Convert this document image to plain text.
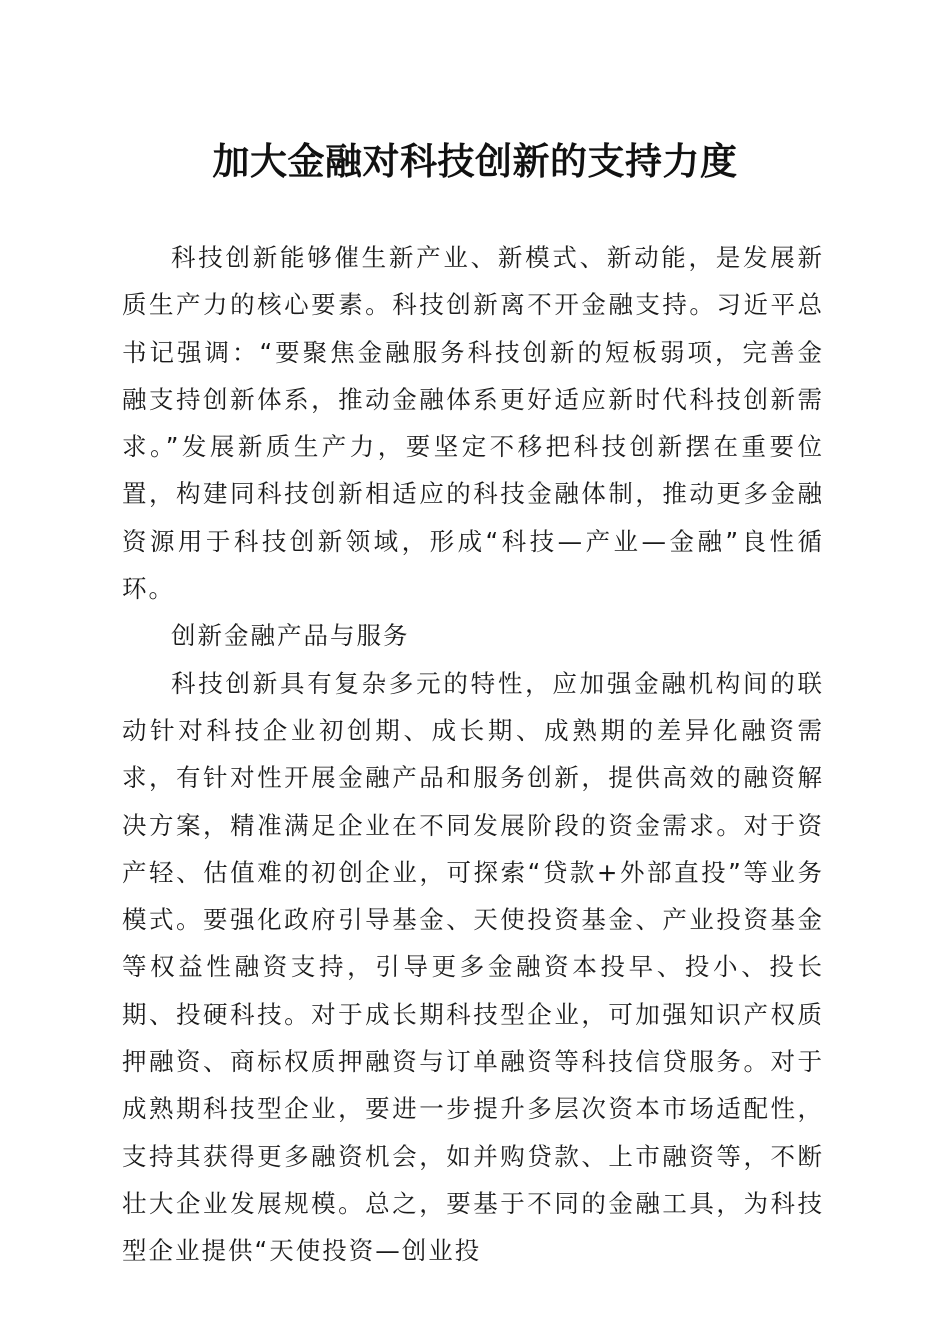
加大金融对科技创新的支持力度

科技创新能够催生新产业、新模式、新动能，是发展新质生产力的核心要素。科技创新离不开金融支持。习近平总书记强调：“要聚焦金融服务科技创新的短板弱项，完善金融支持创新体系，推动金融体系更好适应新时代科技创新需求。”发展新质生产力，要坚定不移把科技创新摆在重要位置，构建同科技创新相适应的科技金融体制，推动更多金融资源用于科技创新领域，形成“科技—产业—金融”良性循环。

创新金融产品与服务

科技创新具有复杂多元的特性，应加强金融机构间的联动针对科技企业初创期、成长期、成熟期的差异化融资需求，有针对性开展金融产品和服务创新，提供高效的融资解决方案，精准满足企业在不同发展阶段的资金需求。对于资产轻、估值难的初创企业，可探索“贷款+外部直投”等业务模式。要强化政府引导基金、天使投资基金、产业投资基金等权益性融资支持，引导更多金融资本投早、投小、投长期、投硬科技。对于成长期科技型企业，可加强知识产权质押融资、商标权质押融资与订单融资等科技信贷服务。对于成熟期科技型企业，要进一步提升多层次资本市场适配性，支持其获得更多融资机会，如并购贷款、上市融资等，不断壮大企业发展规模。总之，要基于不同的金融工具，为科技型企业提供“天使投资—创业投
